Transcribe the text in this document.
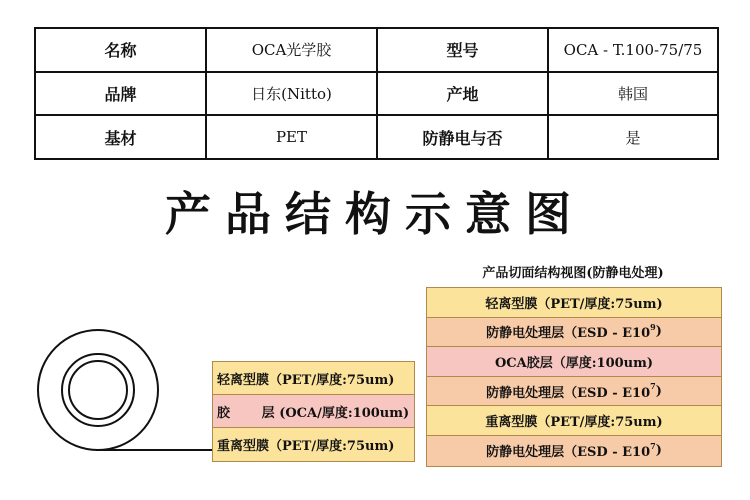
名称	OCA光学胶	型号	OCA - T.100-75/75
品牌	日东(Nitto)	产地	韩国
基材	PET	防静电与否	是
产品结构示意图
轻离型膜（PET/厚度:75um)
胶       层 (OCA/厚度:100um)
重离型膜（PET/厚度:75um)
产品切面结构视图(防静电处理)
轻离型膜（PET/厚度:75um)
防静电处理层（$ESD - E10^9$ )
OCA胶层（厚度:100um)
防静电处理层（$ESD - E10^7$ )
重离型膜（PET/厚度:75um)
防静电处理层（$ESD - E10^7$ )
